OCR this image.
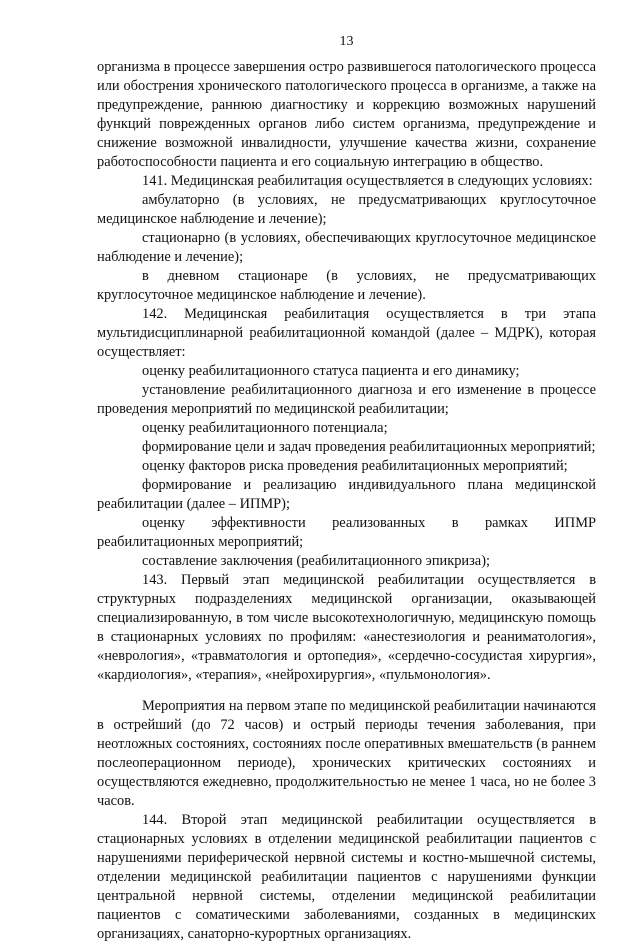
13

организма в процессе завершения остро развившегося патологического процесса или обострения хронического патологического процесса в организме, а также на предупреждение, раннюю диагностику и коррекцию возможных нарушений функций поврежденных органов либо систем организма, предупреждение и снижение возможной инвалидности, улучшение качества жизни, сохранение работоспособности пациента и его социальную интеграцию в общество.

141. Медицинская реабилитация осуществляется в следующих условиях:

амбулаторно (в условиях, не предусматривающих круглосуточное медицинское наблюдение и лечение);

стационарно (в условиях, обеспечивающих круглосуточное медицинское наблюдение и лечение);

в дневном стационаре (в условиях, не предусматривающих круглосуточное медицинское наблюдение и лечение).

142. Медицинская реабилитация осуществляется в три этапа мультидисциплинарной реабилитационной командой (далее – МДРК), которая осуществляет:

оценку реабилитационного статуса пациента и его динамику;

установление реабилитационного диагноза и его изменение в процессе проведения мероприятий по медицинской реабилитации;

оценку реабилитационного потенциала;

формирование цели и задач проведения реабилитационных мероприятий;

оценку факторов риска проведения реабилитационных мероприятий;

формирование и реализацию индивидуального плана медицинской реабилитации (далее – ИПМР);

оценку эффективности реализованных в рамках ИПМР реабилитационных мероприятий;

составление заключения (реабилитационного эпикриза);

143. Первый этап медицинской реабилитации осуществляется в структурных подразделениях медицинской организации, оказывающей специализированную, в том числе высокотехнологичную, медицинскую помощь в стационарных условиях по профилям: «анестезиология и реаниматология», «неврология», «травматология и ортопедия», «сердечно-сосудистая хирургия», «кардиология», «терапия», «нейрохирургия», «пульмонология».

Мероприятия на первом этапе по медицинской реабилитации начинаются в острейший (до 72 часов) и острый периоды течения заболевания, при неотложных состояниях, состояниях после оперативных вмешательств (в раннем послеоперационном периоде), хронических критических состояниях и осуществляются ежедневно, продолжительностью не менее 1 часа, но не более 3 часов.

144. Второй этап медицинской реабилитации осуществляется в стационарных условиях в отделении медицинской реабилитации пациентов с нарушениями периферической нервной системы и костно-мышечной системы, отделении медицинской реабилитации пациентов с нарушениями функции центральной нервной системы, отделении медицинской реабилитации пациентов с соматическими заболеваниями, созданных в медицинских организациях, санаторно-курортных организациях.
